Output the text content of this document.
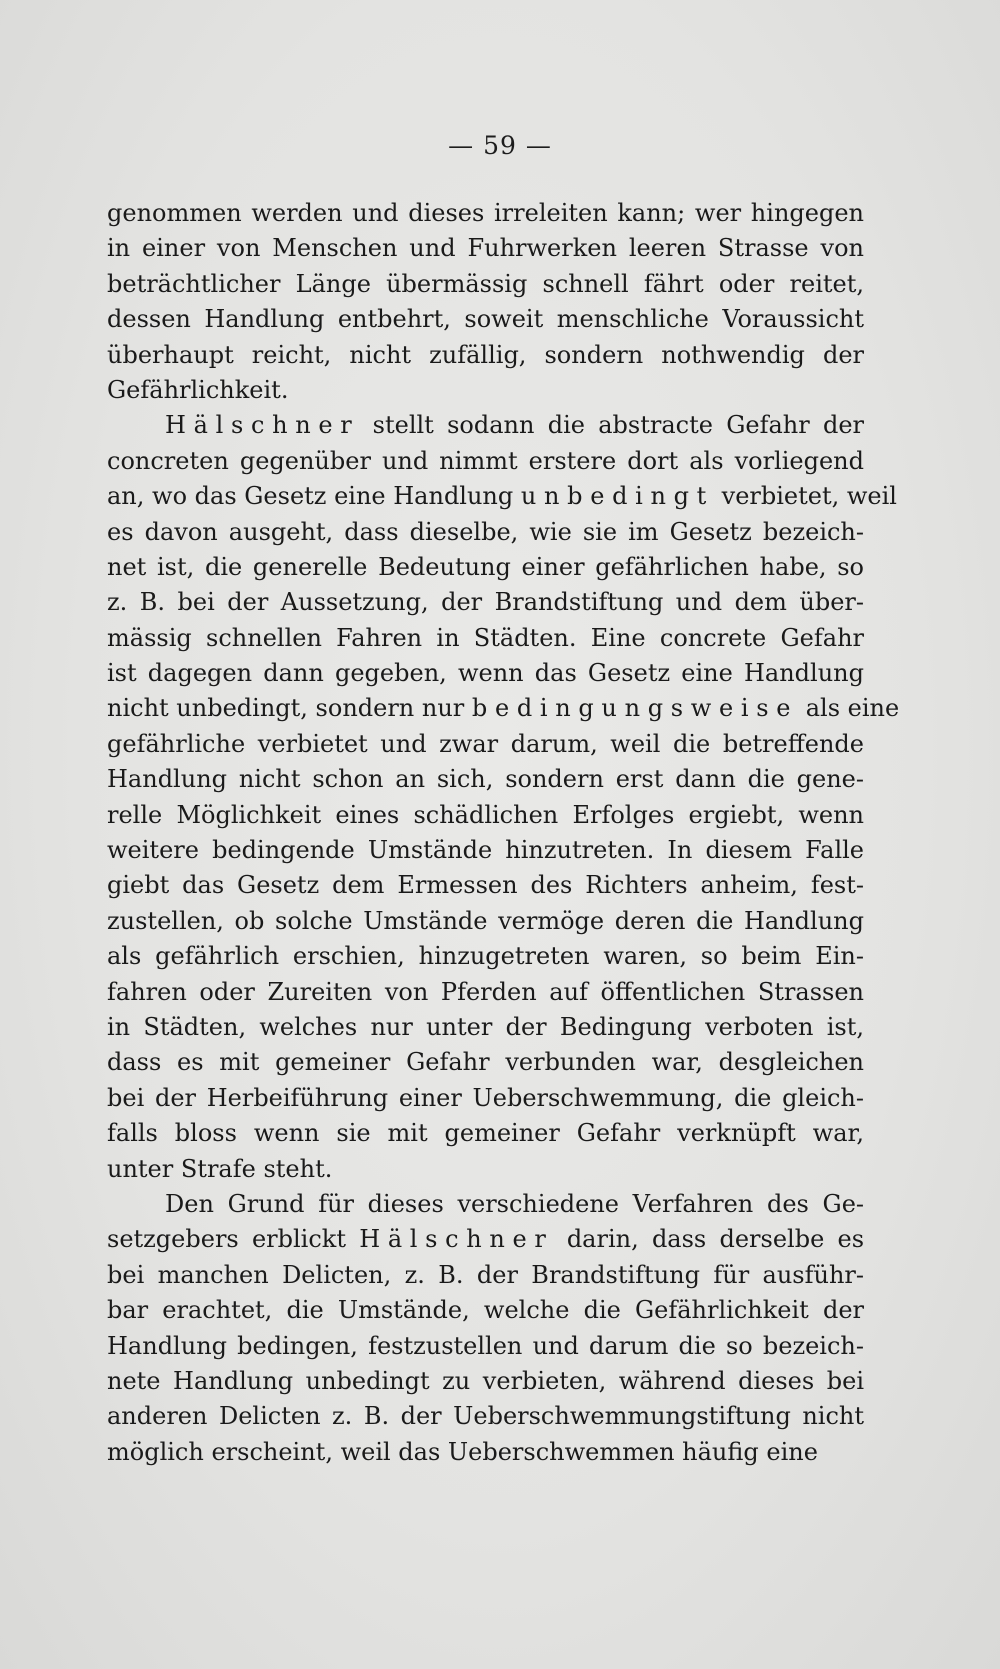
— 59 —
genommen werden und dieses irreleiten kann; wer hingegen
in einer von Menschen und Fuhrwerken leeren Strasse von
beträchtlicher Länge übermässig schnell fährt oder reitet,
dessen Handlung entbehrt, soweit menschliche Voraussicht
überhaupt reicht, nicht zufällig, sondern nothwendig der
Gefährlichkeit.
Hälschner stellt sodann die abstracte Gefahr der
concreten gegenüber und nimmt erstere dort als vorliegend
an, wo das Gesetz eine Handlung unbedingt verbietet, weil
es davon ausgeht, dass dieselbe, wie sie im Gesetz bezeich-
net ist, die generelle Bedeutung einer gefährlichen habe, so
z. B. bei der Aussetzung, der Brandstiftung und dem über-
mässig schnellen Fahren in Städten. Eine concrete Gefahr
ist dagegen dann gegeben, wenn das Gesetz eine Handlung
nicht unbedingt, sondern nur bedingungsweise als eine
gefährliche verbietet und zwar darum, weil die betreffende
Handlung nicht schon an sich, sondern erst dann die gene-
relle Möglichkeit eines schädlichen Erfolges ergiebt, wenn
weitere bedingende Umstände hinzutreten. In diesem Falle
giebt das Gesetz dem Ermessen des Richters anheim, fest-
zustellen, ob solche Umstände vermöge deren die Handlung
als gefährlich erschien, hinzugetreten waren, so beim Ein-
fahren oder Zureiten von Pferden auf öffentlichen Strassen
in Städten, welches nur unter der Bedingung verboten ist,
dass es mit gemeiner Gefahr verbunden war, desgleichen
bei der Herbeiführung einer Ueberschwemmung, die gleich-
falls bloss wenn sie mit gemeiner Gefahr verknüpft war,
unter Strafe steht.
Den Grund für dieses verschiedene Verfahren des Ge-
setzgebers erblickt Hälschner darin, dass derselbe es
bei manchen Delicten, z. B. der Brandstiftung für ausführ-
bar erachtet, die Umstände, welche die Gefährlichkeit der
Handlung bedingen, festzustellen und darum die so bezeich-
nete Handlung unbedingt zu verbieten, während dieses bei
anderen Delicten z. B. der Ueberschwemmungstiftung nicht
möglich erscheint, weil das Ueberschwemmen häufig eine
